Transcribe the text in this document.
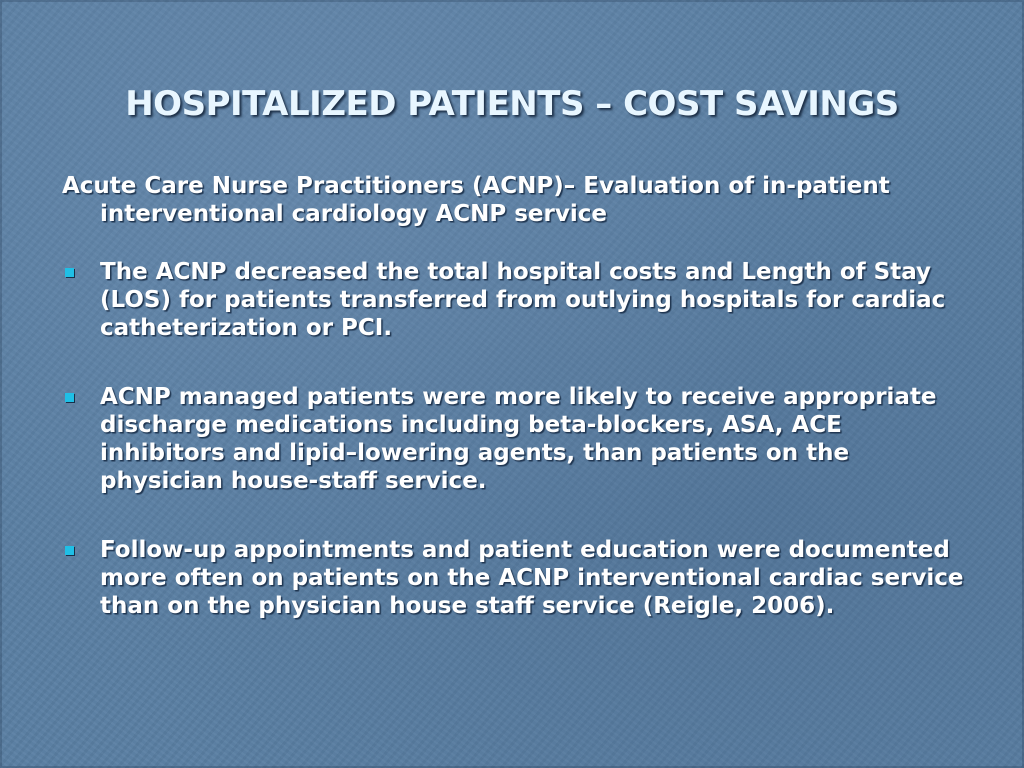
HOSPITALIZED PATIENTS – COST SAVINGS
Acute Care Nurse Practitioners (ACNP)– Evaluation of in-patient interventional cardiology ACNP service
The ACNP decreased the total hospital costs and Length of Stay (LOS) for patients transferred from outlying hospitals for cardiac catheterization or PCI.
ACNP managed patients were more likely to receive appropriate discharge medications including beta-blockers, ASA, ACE inhibitors and lipid–lowering agents, than patients on the physician house-staff service.
Follow-up appointments and patient education were documented more often on patients on the ACNP interventional cardiac service than on the physician house staff service (Reigle, 2006).
